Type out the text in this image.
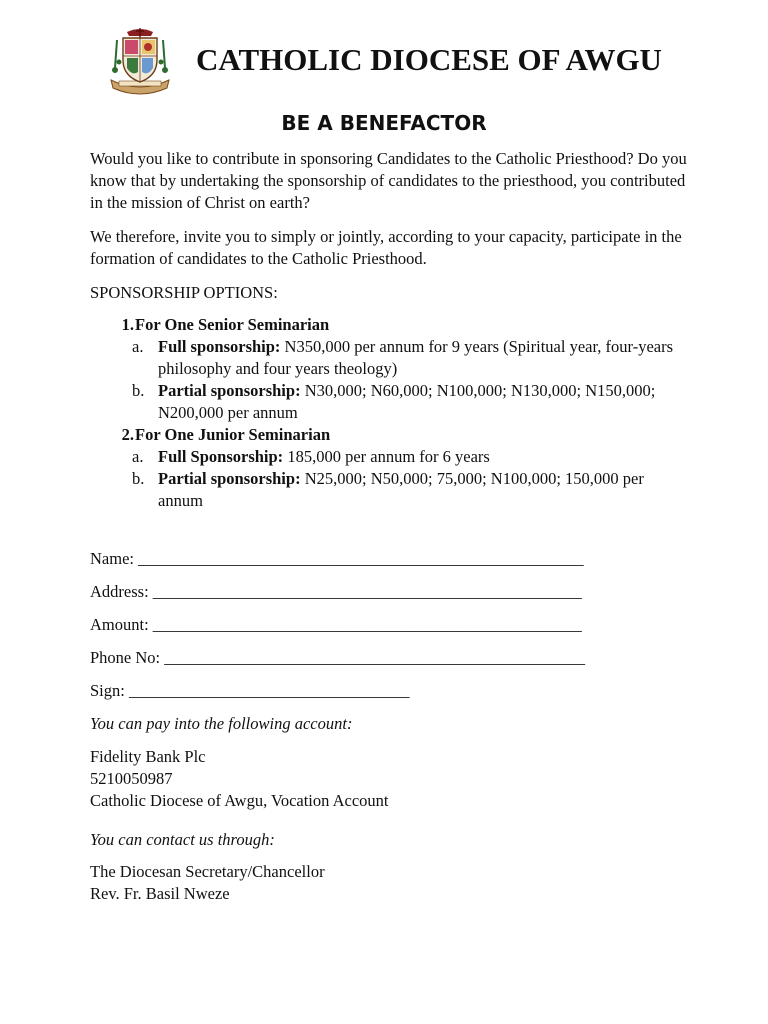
CATHOLIC DIOCESE OF AWGU
BE A BENEFACTOR

Would you like to contribute in sponsoring Candidates to the Catholic Priesthood? Do you know that by undertaking the sponsorship of candidates to the priesthood, you contributed in the mission of Christ on earth?

We therefore, invite you to simply or jointly, according to your capacity, participate in the formation of candidates to the Catholic Priesthood.

SPONSORSHIP OPTIONS:

1. For One Senior Seminarian
a. Full sponsorship: N350,000 per annum for 9 years (Spiritual year, four-years philosophy and four years theology)
b. Partial sponsorship: N30,000; N60,000; N100,000; N130,000; N150,000; N200,000 per annum
2. For One Junior Seminarian
a. Full Sponsorship: 185,000 per annum for 6 years
b. Partial sponsorship: N25,000; N50,000; 75,000; N100,000; 150,000 per annum
Name: ______________________________________________________
Address: ____________________________________________________
Amount: ____________________________________________________
Phone No: ___________________________________________________
Sign: __________________________________
You can pay into the following account:
Fidelity Bank Plc
5210050987
Catholic Diocese of Awgu, Vocation Account
You can contact us through:
The Diocesan Secretary/Chancellor
Rev. Fr. Basil Nweze
